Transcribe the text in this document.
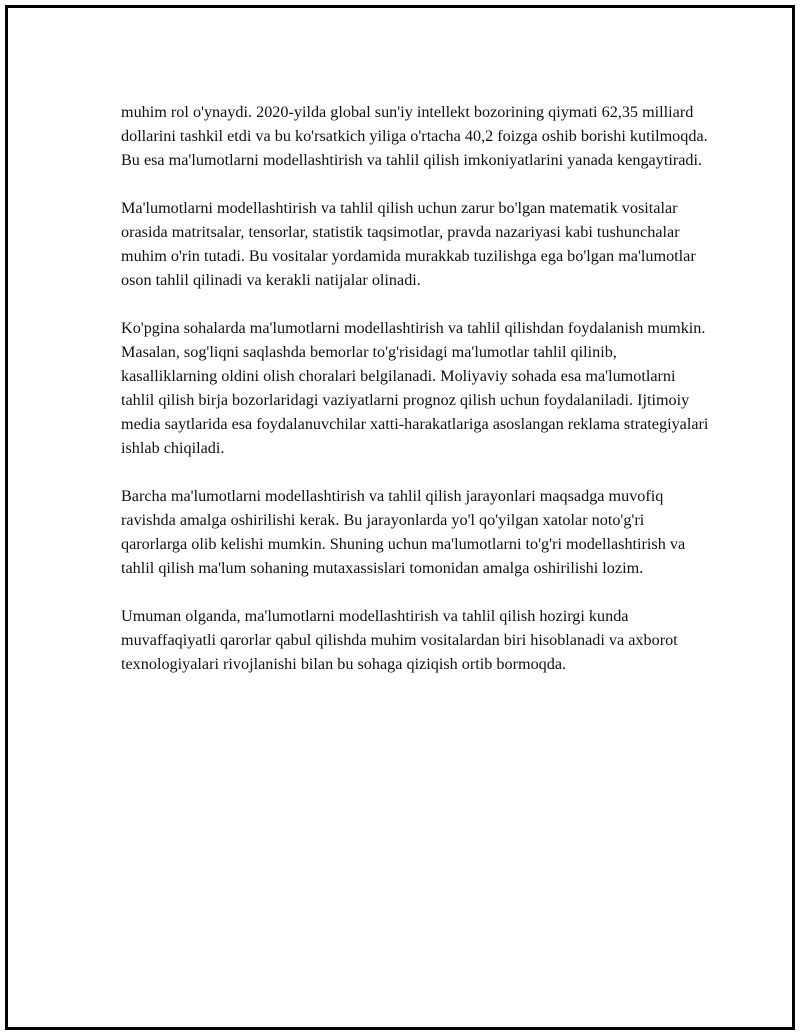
muhim rol o'ynaydi. 2020-yilda global sun'iy intellekt bozorining qiymati 62,35 milliard dollarini tashkil etdi va bu ko'rsatkich yiliga o'rtacha 40,2 foizga oshib borishi kutilmoqda. Bu esa ma'lumotlarni modellashtirish va tahlil qilish imkoniyatlarini yanada kengaytiradi.

Ma'lumotlarni modellashtirish va tahlil qilish uchun zarur bo'lgan matematik vositalar orasida matritsalar, tensorlar, statistik taqsimotlar, pravda nazariyasi kabi tushunchalar muhim o'rin tutadi. Bu vositalar yordamida murakkab tuzilishga ega bo'lgan ma'lumotlar oson tahlil qilinadi va kerakli natijalar olinadi.

Ko'pgina sohalarda ma'lumotlarni modellashtirish va tahlil qilishdan foydalanish mumkin. Masalan, sog'liqni saqlashda bemorlar to'g'risidagi ma'lumotlar tahlil qilinib, kasalliklarning oldini olish choralari belgilanadi. Moliyaviy sohada esa ma'lumotlarni tahlil qilish birja bozorlaridagi vaziyatlarni prognoz qilish uchun foydalaniladi. Ijtimoiy media saytlarida esa foydalanuvchilar xatti-harakatlariga asoslangan reklama strategiyalari ishlab chiqiladi.

Barcha ma'lumotlarni modellashtirish va tahlil qilish jarayonlari maqsadga muvofiq ravishda amalga oshirilishi kerak. Bu jarayonlarda yo'l qo'yilgan xatolar noto'g'ri qarorlarga olib kelishi mumkin. Shuning uchun ma'lumotlarni to'g'ri modellashtirish va tahlil qilish ma'lum sohaning mutaxassislari tomonidan amalga oshirilishi lozim.

Umuman olganda, ma'lumotlarni modellashtirish va tahlil qilish hozirgi kunda muvaffaqiyatli qarorlar qabul qilishda muhim vositalardan biri hisoblanadi va axborot texnologiyalari rivojlanishi bilan bu sohaga qiziqish ortib bormoqda.
